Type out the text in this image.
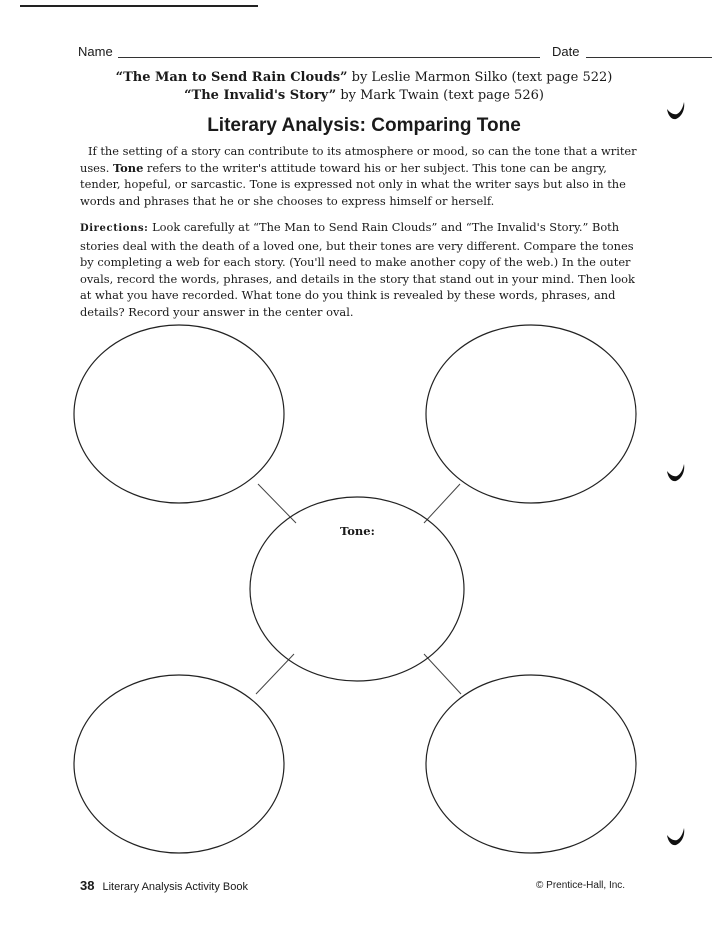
Name	Date
“The Man to Send Rain Clouds” by Leslie Marmon Silko (text page 522)
“The Invalid's Story” by Mark Twain (text page 526)
Literary Analysis: Comparing Tone

If the setting of a story can contribute to its atmosphere or mood, so can the tone that a writer uses. Tone refers to the writer's attitude toward his or her subject. This tone can be angry, tender, hopeful, or sarcastic. Tone is expressed not only in what the writer says but also in the words and phrases that he or she chooses to express himself or herself.

Directions: Look carefully at “The Man to Send Rain Clouds” and “The Invalid's Story.” Both stories deal with the death of a loved one, but their tones are very different. Compare the tones by completing a web for each story. (You'll need to make another copy of the web.) In the outer ovals, record the words, phrases, and details in the story that stand out in your mind. Then look at what you have recorded. What tone do you think is revealed by these words, phrases, and details? Record your answer in the center oval.

Tone:
38 Literary Analysis Activity Book	© Prentice-Hall, Inc.
